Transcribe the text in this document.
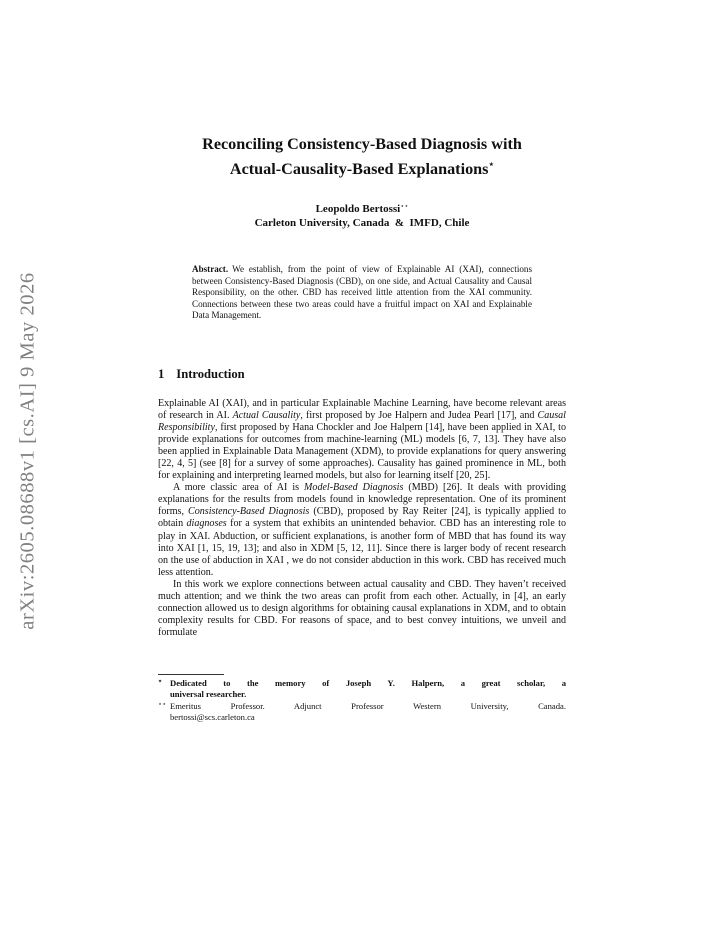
arXiv:2605.08688v1 [cs.AI] 9 May 2026
Reconciling Consistency-Based Diagnosis with
Actual-Causality-Based Explanations⋆
Leopoldo Bertossi⋆⋆
Carleton University, Canada  &  IMFD, Chile
Abstract. We establish, from the point of view of Explainable AI (XAI), connections between Consistency-Based Diagnosis (CBD), on one side, and Actual Causality and Causal Responsibility, on the other. CBD has received little attention from the XAI community. Connections between these two areas could have a fruitful impact on XAI and Explainable Data Management.
1 Introduction

Explainable AI (XAI), and in particular Explainable Machine Learning, have become relevant areas of research in AI. Actual Causality, first proposed by Joe Halpern and Judea Pearl [17], and Causal Responsibility, first proposed by Hana Chockler and Joe Halpern [14], have been applied in XAI, to provide explanations for outcomes from machine-learning (ML) models [6, 7, 13]. They have also been applied in Explainable Data Management (XDM), to provide explanations for query answering [22, 4, 5] (see [8] for a survey of some approaches). Causality has gained prominence in ML, both for explaining and interpreting learned models, but also for learning itself [20, 25].

A more classic area of AI is Model-Based Diagnosis (MBD) [26]. It deals with providing explanations for the results from models found in knowledge representation. One of its prominent forms, Consistency-Based Diagnosis (CBD), proposed by Ray Reiter [24], is typically applied to obtain diagnoses for a system that exhibits an unintended behavior. CBD has an interesting role to play in XAI. Abduction, or sufficient explanations, is another form of MBD that has found its way into XAI [1, 15, 19, 13]; and also in XDM [5, 12, 11]. Since there is larger body of recent research on the use of abduction in XAI , we do not consider abduction in this work. CBD has received much less attention.

In this work we explore connections between actual causality and CBD. They haven’t received much attention; and we think the two areas can profit from each other. Actually, in [4], an early connection allowed us to design algorithms for obtaining causal explanations in XDM, and to obtain complexity results for CBD. For reasons of space, and to best convey intuitions, we unveil and formulate

⋆ Dedicated to the memory of Joseph Y. Halpern, a great scholar, a
universal researcher.
⋆⋆ Emeritus Professor. Adjunct Professor Western University, Canada.
bertossi@scs.carleton.ca
